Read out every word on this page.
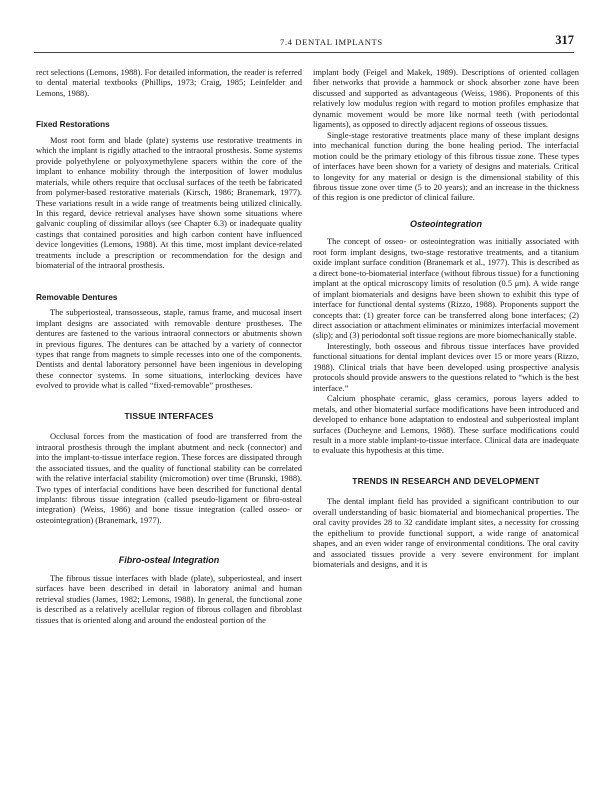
7.4 DENTAL IMPLANTS	317

rect selections (Lemons, 1988). For detailed information, the reader is referred to dental material textbooks (Phillips, 1973; Craig, 1985; Leinfelder and Lemons, 1988).

Fixed Restorations

Most root form and blade (plate) systems use restorative treatments in which the implant is rigidly attached to the intraoral prosthesis. Some systems provide polyethylene or polyoxymethylene spacers within the core of the implant to enhance mobility through the interposition of lower modulus materials, while others require that occlusal surfaces of the teeth be fabricated from polymer-based restorative materials (Kirsch, 1986; Branemark, 1977). These variations result in a wide range of treatments being utilized clinically. In this regard, device retrieval analyses have shown some situations where galvanic coupling of dissimilar alloys (see Chapter 6.3) or inadequate quality castings that contained porosities and high carbon content have influenced device longevities (Lemons, 1988). At this time, most implant device-related treatments include a prescription or recommendation for the design and biomaterial of the intraoral prosthesis.

Removable Dentures

The subperiosteal, transosseous, staple, ramus frame, and mucosal insert implant designs are associated with removable denture prostheses. The dentures are fastened to the various intraoral connectors or abutments shown in previous figures. The dentures can be attached by a variety of connector types that range from magnets to simple recesses into one of the components. Dentists and dental laboratory personnel have been ingenious in developing these connector systems. In some situations, interlocking devices have evolved to provide what is called “fixed-removable” prostheses.

TISSUE INTERFACES

Occlusal forces from the mastication of food are transferred from the intraoral prosthesis through the implant abutment and neck (connector) and into the implant-to-tissue interface region. These forces are dissipated through the associated tissues, and the quality of functional stability can be correlated with the relative interfacial stability (micromotion) over time (Brunski, 1988). Two types of interfacial conditions have been described for functional dental implants: fibrous tissue integration (called pseudo-ligament or fibro-osteal integration) (Weiss, 1986) and bone tissue integration (called osseo- or osteointegration) (Branemark, 1977).

Fibro-osteal Integration

The fibrous tissue interfaces with blade (plate), subperiosteal, and insert surfaces have been described in detail in laboratory animal and human retrieval studies (James, 1982; Lemons, 1988). In general, the functional zone is described as a relatively acellular region of fibrous collagen and fibroblast tissues that is oriented along and around the endosteal portion of the

implant body (Feigel and Makek, 1989). Descriptions of oriented collagen fiber networks that provide a hammock or shock absorber zone have been discussed and supported as advantageous (Weiss, 1986). Proponents of this relatively low modulus region with regard to motion profiles emphasize that dynamic movement would be more like normal teeth (with periodontal ligaments), as opposed to directly adjacent regions of osseous tissues.

Single-stage restorative treatments place many of these implant designs into mechanical function during the bone healing period. The interfacial motion could be the primary etiology of this fibrous tissue zone. These types of interfaces have been shown for a variety of designs and materials. Critical to longevity for any material or design is the dimensional stability of this fibrous tissue zone over time (5 to 20 years); and an increase in the thickness of this region is one predictor of clinical failure.

Osteointegration

The concept of osseo- or osteointegration was initially associated with root form implant designs, two-stage restorative treatments, and a titanium oxide implant surface condition (Branemark et al., 1977). This is described as a direct bone-to-biomaterial interface (without fibrous tissue) for a functioning implant at the optical microscopy limits of resolution (0.5 μm). A wide range of implant biomaterials and designs have been shown to exhibit this type of interface for functional dental systems (Rizzo, 1988). Proponents support the concepts that: (1) greater force can be transferred along bone interfaces; (2) direct association or attachment eliminates or minimizes interfacial movement (slip); and (3) periodontal soft tissue regions are more biomechanically stable.

Interestingly, both osseous and fibrous tissue interfaces have provided functional situations for dental implant devices over 15 or more years (Rizzo, 1988). Clinical trials that have been developed using prospective analysis protocols should provide answers to the questions related to “which is the best interface.”

Calcium phosphate ceramic, glass ceramics, porous layers added to metals, and other biomaterial surface modifications have been introduced and developed to enhance bone adaptation to endosteal and subperiosteal implant surfaces (Ducheyne and Lemons, 1988). These surface modifications could result in a more stable implant-to-tissue interface. Clinical data are inadequate to evaluate this hypothesis at this time.

TRENDS IN RESEARCH AND DEVELOPMENT

The dental implant field has provided a significant contribution to our overall understanding of basic biomaterial and biomechanical properties. The oral cavity provides 28 to 32 candidate implant sites, a necessity for crossing the epithelium to provide functional support, a wide range of anatomical shapes, and an even wider range of environmental conditions. The oral cavity and associated tissues provide a very severe environment for implant biomaterials and designs, and it is
